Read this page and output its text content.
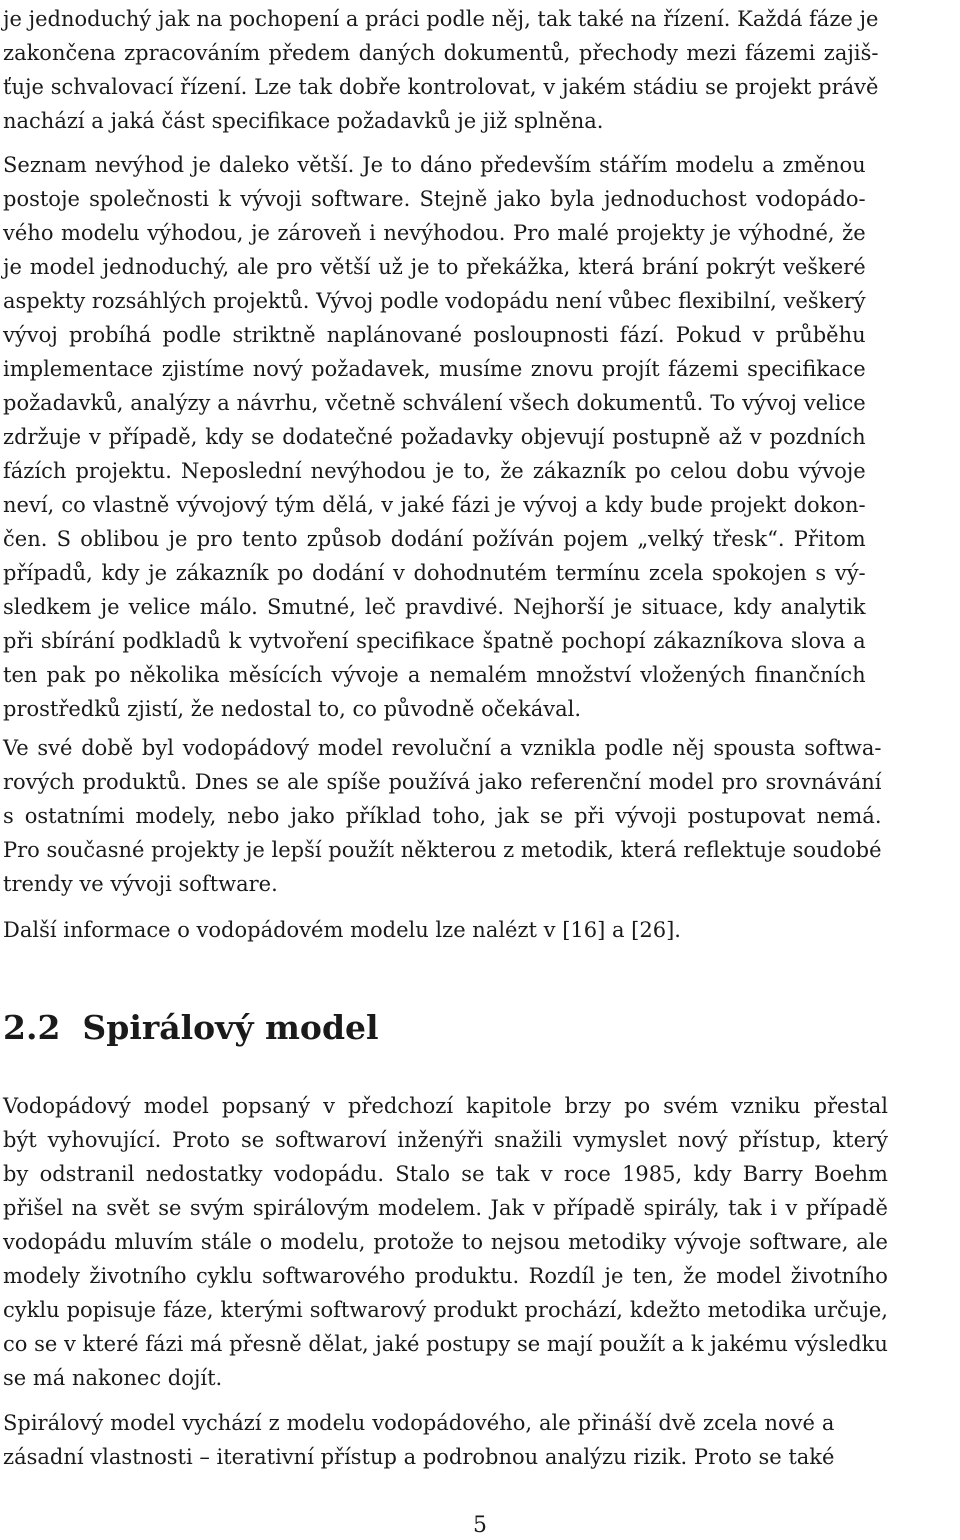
je jednoduchý jak na pochopení a práci podle něj, tak také na řízení. Každá fáze je
zakončena zpracováním předem daných dokumentů, přechody mezi fázemi zajiš-
ťuje schvalovací řízení. Lze tak dobře kontrolovat, v jakém stádiu se projekt právě
nachází a jaká část specifikace požadavků je již splněna.

Seznam nevýhod je daleko větší. Je to dáno především stářím modelu a změnou
postoje společnosti k vývoji software. Stejně jako byla jednoduchost vodopádo-
vého modelu výhodou, je zároveň i nevýhodou. Pro malé projekty je výhodné, že
je model jednoduchý, ale pro větší už je to překážka, která brání pokrýt veškeré
aspekty rozsáhlých projektů. Vývoj podle vodopádu není vůbec flexibilní, veškerý
vývoj probíhá podle striktně naplánované posloupnosti fází. Pokud v průběhu
implementace zjistíme nový požadavek, musíme znovu projít fázemi specifikace
požadavků, analýzy a návrhu, včetně schválení všech dokumentů. To vývoj velice
zdržuje v případě, kdy se dodatečné požadavky objevují postupně až v pozdních
fázích projektu. Neposlední nevýhodou je to, že zákazník po celou dobu vývoje
neví, co vlastně vývojový tým dělá, v jaké fázi je vývoj a kdy bude projekt dokon-
čen. S oblibou je pro tento způsob dodání požíván pojem „velký třesk“. Přitom
případů, kdy je zákazník po dodání v dohodnutém termínu zcela spokojen s vý-
sledkem je velice málo. Smutné, leč pravdivé. Nejhorší je situace, kdy analytik
při sbírání podkladů k vytvoření specifikace špatně pochopí zákazníkova slova a
ten pak po několika měsících vývoje a nemalém množství vložených finančních
prostředků zjistí, že nedostal to, co původně očekával.

Ve své době byl vodopádový model revoluční a vznikla podle něj spousta softwa-
rových produktů. Dnes se ale spíše používá jako referenční model pro srovnávání
s ostatními modely, nebo jako příklad toho, jak se při vývoji postupovat nemá.
Pro současné projekty je lepší použít některou z metodik, která reflektuje soudobé
trendy ve vývoji software.

Další informace o vodopádovém modelu lze nalézt v [16] a [26].

2.2 Spirálový model

Vodopádový model popsaný v předchozí kapitole brzy po svém vzniku přestal
být vyhovující. Proto se softwaroví inženýři snažili vymyslet nový přístup, který
by odstranil nedostatky vodopádu. Stalo se tak v roce 1985, kdy Barry Boehm
přišel na svět se svým spirálovým modelem. Jak v případě spirály, tak i v případě
vodopádu mluvím stále o modelu, protože to nejsou metodiky vývoje software, ale
modely životního cyklu softwarového produktu. Rozdíl je ten, že model životního
cyklu popisuje fáze, kterými softwarový produkt prochází, kdežto metodika určuje,
co se v které fázi má přesně dělat, jaké postupy se mají použít a k jakému výsledku
se má nakonec dojít.

Spirálový model vychází z modelu vodopádového, ale přináší dvě zcela nové a
zásadní vlastnosti – iterativní přístup a podrobnou analýzu rizik. Proto se také

5
